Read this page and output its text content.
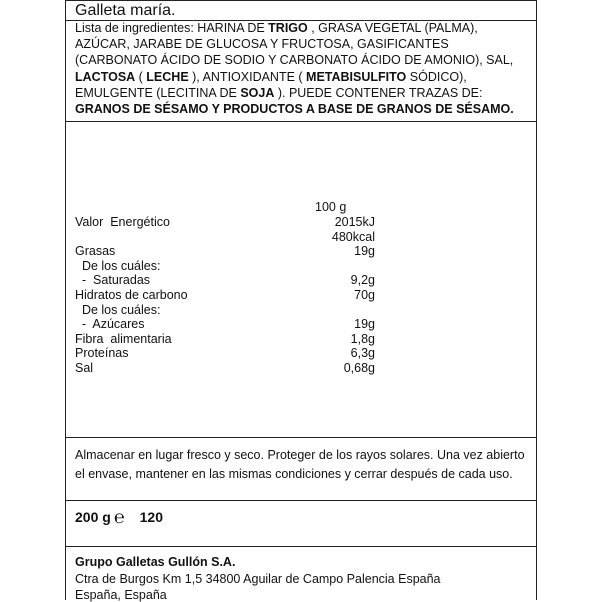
Galleta maría.
Lista de ingredientes: HARINA DE TRIGO , GRASA VEGETAL (PALMA), AZÚCAR, JARABE DE GLUCOSA Y FRUCTOSA, GASIFICANTES (CARBONATO ÁCIDO DE SODIO Y CARBONATO ÁCIDO DE AMONIO), SAL, LACTOSA ( LECHE ), ANTIOXIDANTE ( METABISULFITO SÓDICO), EMULGENTE (LECITINA DE SOJA ). PUEDE CONTENER TRAZAS DE: GRANOS DE SÉSAMO Y PRODUCTOS A BASE DE GRANOS DE SÉSAMO.
100 g
Valor  Energético	2015kJ
480kcal
Grasas	19g
De los cuáles:
-  Saturadas	9,2g
Hidratos de carbono	70g
De los cuáles:
-  Azúcares	19g
Fibra  alimentaria	1,8g
Proteínas	6,3g
Sal	0,68g
Almacenar en lugar fresco y seco. Proteger de los rayos solares. Una vez abierto el envase, mantener en las mismas condiciones y cerrar después de cada uso.
200 g ℮ 120
Grupo Galletas Gullón S.A.
Ctra de Burgos Km 1,5 34800 Aguilar de Campo Palencia España
España, España
